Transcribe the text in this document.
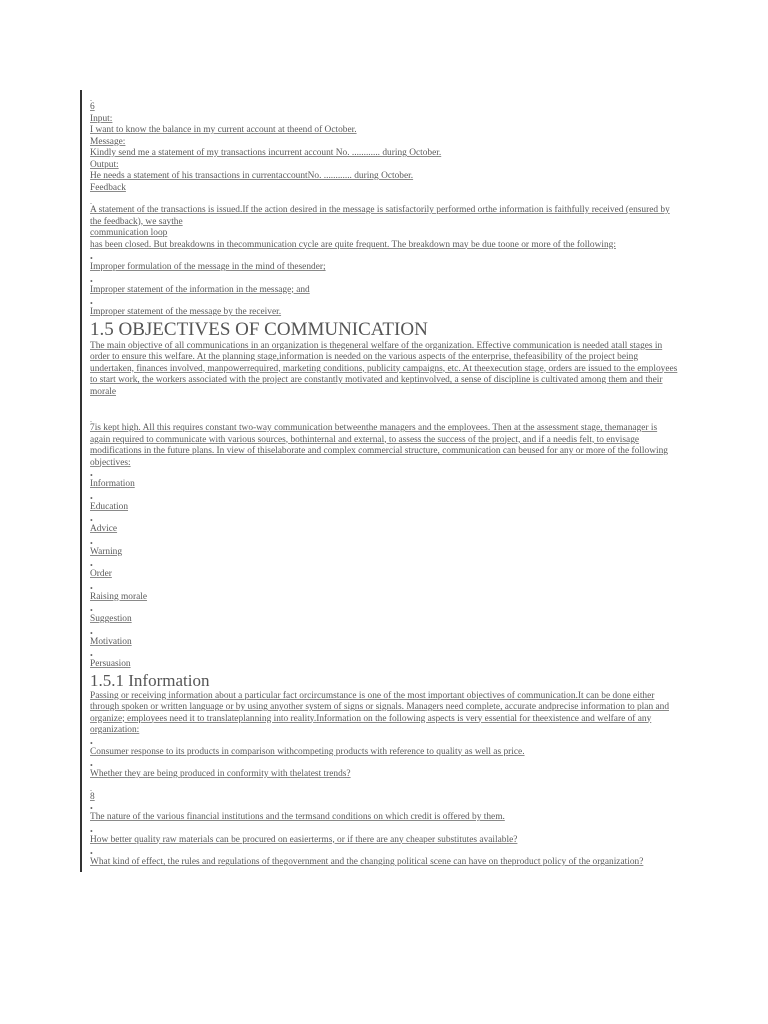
.
6
Input:
I want to know the balance in my current account at theend of October.
Message:
Kindly send me a statement of my transactions incurrent account No. ............ during October.
Output:
He needs a statement of his transactions in currentaccountNo. ............ during October.
Feedback
.
A statement of the transactions is issued.If the action desired in the message is satisfactorily performed orthe information is faithfully received (ensured by the feedback), we saythe
communication loop
has been closed. But breakdowns in thecommunication cycle are quite frequent. The breakdown may be due toone or more of the following:
•
Improper formulation of the message in the mind of thesender;
•
Improper statement of the information in the message; and
•
Improper statement of the message by the receiver.
1.5 OBJECTIVES OF COMMUNICATION
The main objective of all communications in an organization is thegeneral welfare of the organization. Effective communication is needed atall stages in order to ensure this welfare. At the planning stage,information is needed on the various aspects of the enterprise, thefeasibility of the project being undertaken, finances involved, manpowerrequired, marketing conditions, publicity campaigns, etc. At theexecution stage, orders are issued to the employees to start work, the workers associated with the project are constantly motivated and keptinvolved, a sense of discipline is cultivated among them and their morale
.
7is kept high. All this requires constant two-way communication betweenthe managers and the employees. Then at the assessment stage, themanager is again required to communicate with various sources, bothinternal and external, to assess the success of the project, and if a needis felt, to envisage modifications in the future plans. In view of thiselaborate and complex commercial structure, communication can beused for any or more of the following objectives:
•
Information
•
Education
•
Advice
•
Warning
•
Order
•
Raising morale
•
Suggestion
•
Motivation
•
Persuasion
1.5.1 Information
Passing or receiving information about a particular fact orcircumstance is one of the most important objectives of communication.It can be done either through spoken or written language or by using anyother system of signs or signals. Managers need complete, accurate andprecise information to plan and organize; employees need it to translateplanning into reality.Information on the following aspects is very essential for theexistence and welfare of any organization:
•
Consumer response to its products in comparison withcompeting products with reference to quality as well as price.
•
Whether they are being produced in conformity with thelatest trends?
.
8
•
The nature of the various financial institutions and the termsand conditions on which credit is offered by them.
•
How better quality raw materials can be procured on easierterms, or if there are any cheaper substitutes available?
•
What kind of effect, the rules and regulations of thegovernment and the changing political scene can have on theproduct policy of the organization?
